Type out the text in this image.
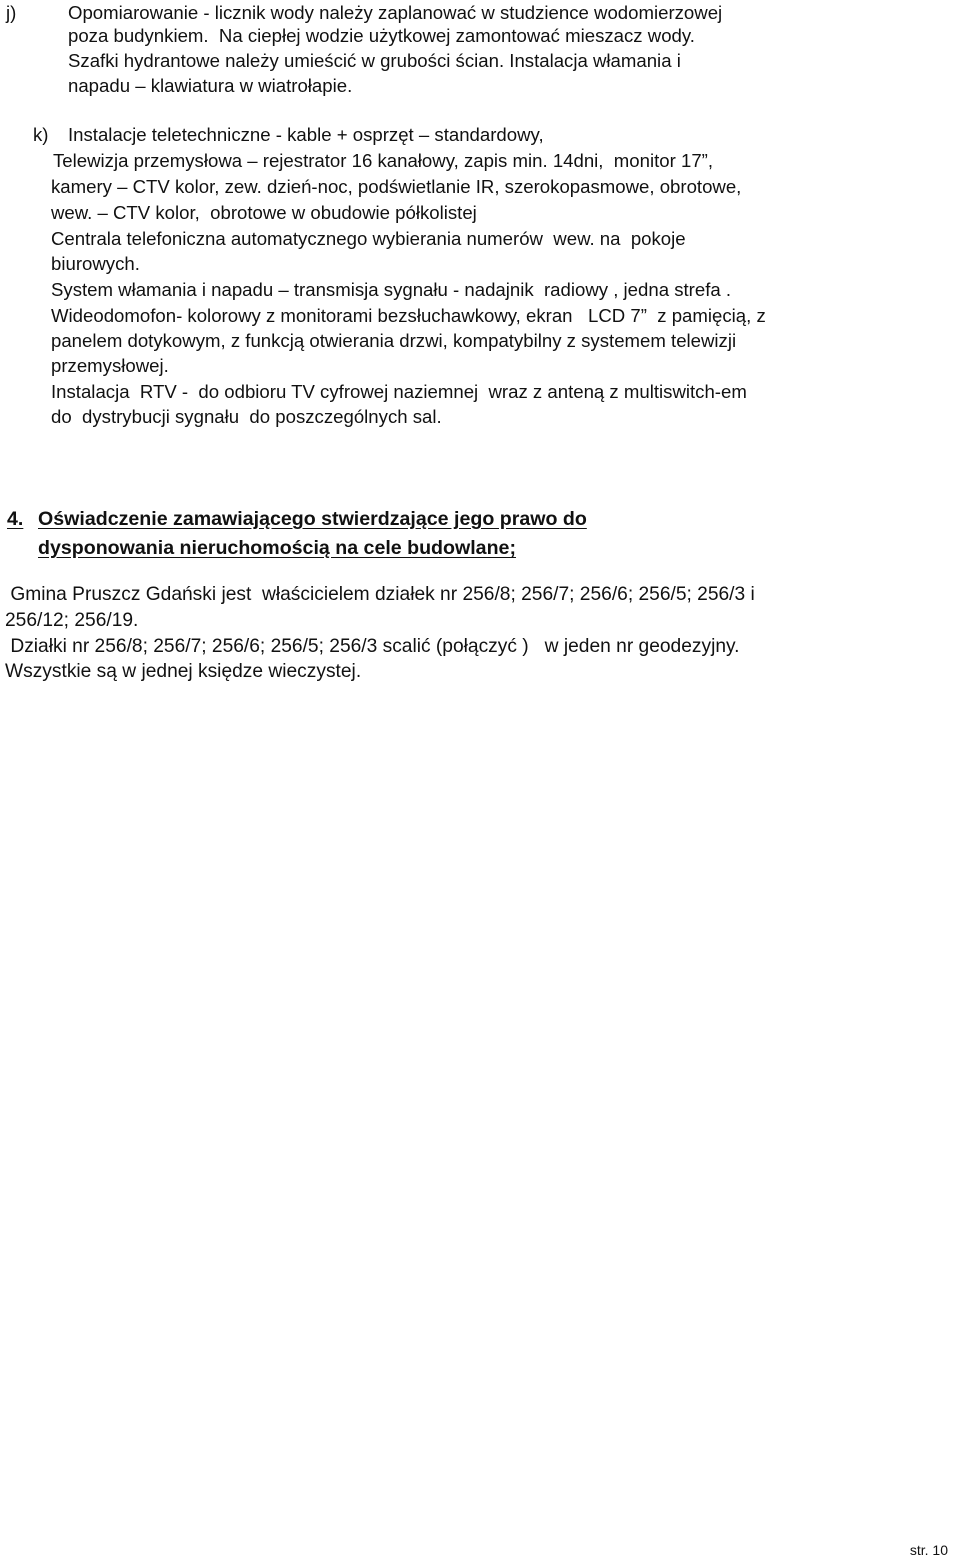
j)	Opomiarowanie - licznik wody należy zaplanować w studzience wodomierzowej

poza budynkiem.  Na ciepłej wodzie użytkowej zamontować mieszacz wody.

Szafki hydrantowe należy umieścić w grubości ścian. Instalacja włamania i

napadu – klawiatura w wiatrołapie.

k) Instalacje teletechniczne - kable + osprzęt – standardowy,

Telewizja przemysłowa – rejestrator 16 kanałowy, zapis min. 14dni,  monitor 17”,

kamery – CTV kolor, zew. dzień-noc, podświetlanie IR, szerokopasmowe, obrotowe,

wew. – CTV kolor,  obrotowe w obudowie półkolistej

Centrala telefoniczna automatycznego wybierania numerów  wew. na  pokoje

biurowych.

System włamania i napadu – transmisja sygnału - nadajnik  radiowy , jedna strefa .

Wideodomofon- kolorowy z monitorami bezsłuchawkowy, ekran   LCD 7”  z pamięcią, z

panelem dotykowym, z funkcją otwierania drzwi, kompatybilny z systemem telewizji

przemysłowej.

Instalacja  RTV -  do odbioru TV cyfrowej naziemnej  wraz z anteną z multiswitch-em

do  dystrybucji sygnału  do poszczególnych sal.

4. Oświadczenie zamawiającego stwierdzające jego prawo do
dysponowania nieruchomością na cele budowlane;

Gmina Pruszcz Gdański jest  właścicielem działek nr 256/8; 256/7; 256/6; 256/5; 256/3 i

256/12; 256/19.

Działki nr 256/8; 256/7; 256/6; 256/5; 256/3 scalić (połączyć )   w jeden nr geodezyjny.

Wszystkie są w jednej księdze wieczystej.

str. 10
